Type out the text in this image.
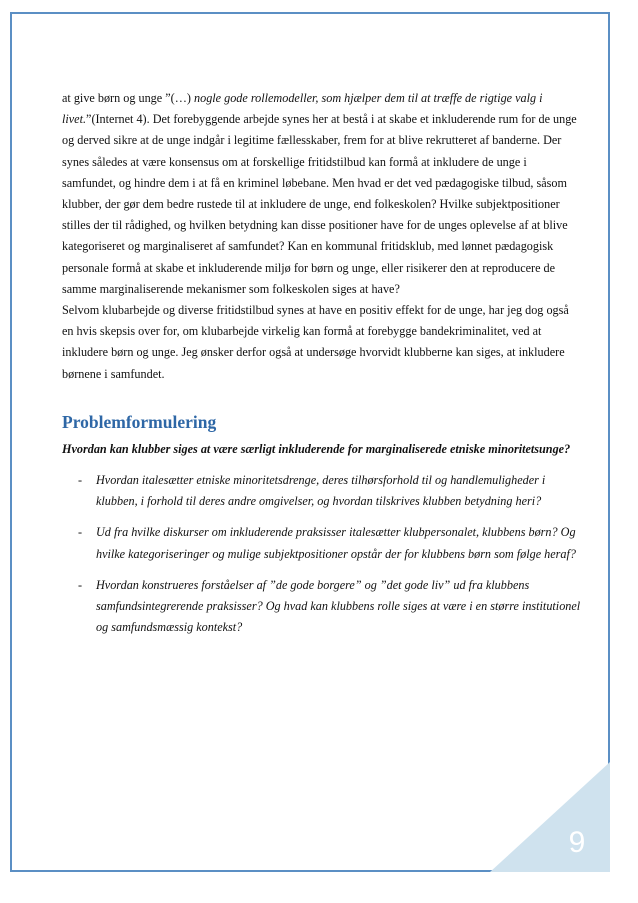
9

at give børn og unge ”(…) nogle gode rollemodeller, som hjælper dem til at træffe de rigtige valg i livet.”(Internet 4). Det forebyggende arbejde synes her at bestå i at skabe et inkluderende rum for de unge og derved sikre at de unge indgår i legitime fællesskaber, frem for at blive rekrutteret af banderne. Der synes således at være konsensus om at forskellige fritidstilbud kan formå at inkludere de unge i samfundet, og hindre dem i at få en kriminel løbebane. Men hvad er det ved pædagogiske tilbud, såsom klubber, der gør dem bedre rustede til at inkludere de unge, end folkeskolen? Hvilke subjektpositioner stilles der til rådighed, og hvilken betydning kan disse positioner have for de unges oplevelse af at blive kategoriseret og marginaliseret af samfundet? Kan en kommunal fritidsklub, med lønnet pædagogisk personale formå at skabe et inkluderende miljø for børn og unge, eller risikerer den at reproducere de samme marginaliserende mekanismer som folkeskolen siges at have?

Selvom klubarbejde og diverse fritidstilbud synes at have en positiv effekt for de unge, har jeg dog også en hvis skepsis over for, om klubarbejde virkelig kan formå at forebygge bandekriminalitet, ved at inkludere børn og unge. Jeg ønsker derfor også at undersøge hvorvidt klubberne kan siges, at inkludere børnene i samfundet.

Problemformulering

Hvordan kan klubber siges at være særligt inkluderende for marginaliserede etniske minoritetsunge?

- Hvordan italesætter etniske minoritetsdrenge, deres tilhørsforhold til og handlemuligheder i klubben, i forhold til deres andre omgivelser, og hvordan tilskrives klubben betydning heri?
- Ud fra hvilke diskurser om inkluderende praksisser italesætter klubpersonalet, klubbens børn? Og hvilke kategoriseringer og mulige subjektpositioner opstår der for klubbens børn som følge heraf?
- Hvordan konstrueres forståelser af ”de gode borgere” og ”det gode liv” ud fra klubbens samfundsintegrerende praksisser? Og hvad kan klubbens rolle siges at være i en større institutionel og samfundsmæssig kontekst?
